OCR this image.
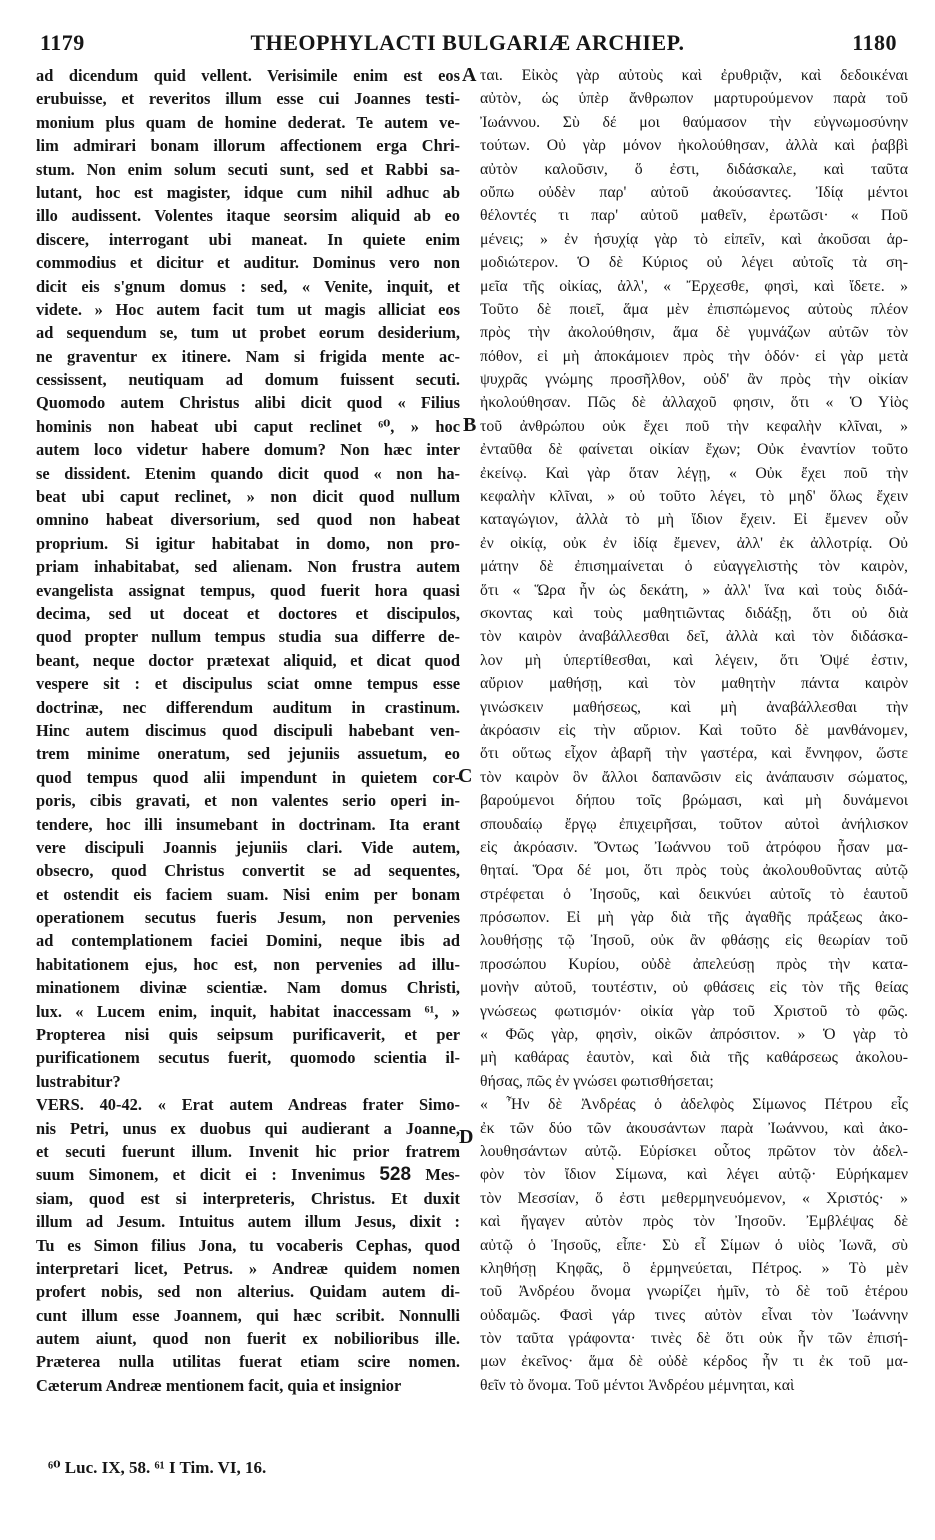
1179	THEOPHYLACTI BULGARIÆ ARCHIEP.	1180
ad dicendum quid vellent. Verisimile enim est eos
erubuisse, et reveritos illum esse cui Joannes testi-
monium plus quam de homine dederat. Te autem ve-
lim admirari bonam illorum affectionem erga Chri-
stum. Non enim solum secuti sunt, sed et Rabbi sa-
lutant, hoc est magister, idque cum nihil adhuc ab
illo audissent. Volentes itaque seorsim aliquid ab eo
discere, interrogant ubi maneat. In quiete enim
commodius et dicitur et auditur. Dominus vero non
dicit eis s'gnum domus : sed, « Venite, inquit, et
videte. » Hoc autem facit tum ut magis alliciat eos
ad sequendum se, tum ut probet eorum desiderium,
ne graventur ex itinere. Nam si frigida mente ac-
cessissent, neutiquam ad domum fuissent secuti.
Quomodo autem Christus alibi dicit quod « Filius
hominis non habeat ubi caput reclinet ⁶⁰, » hoc
autem loco videtur habere domum? Non hæc inter
se dissident. Etenim quando dicit quod « non ha-
beat ubi caput reclinet, » non dicit quod nullum
omnino habeat diversorium, sed quod non habeat
proprium. Si igitur habitabat in domo, non pro-
priam inhabitabat, sed alienam. Non frustra autem
evangelista assignat tempus, quod fuerit hora quasi
decima, sed ut doceat et doctores et discipulos,
quod propter nullum tempus studia sua differre de-
beant, neque doctor prætexat aliquid, et dicat quod
vespere sit : et discipulus sciat omne tempus esse
doctrinæ, nec differendum auditum in crastinum.
Hinc autem discimus quod discipuli habebant ven-
trem minime oneratum, sed jejuniis assuetum, eo
quod tempus quod alii impendunt in quietem cor-
poris, cibis gravati, et non valentes serio operi in-
tendere, hoc illi insumebant in doctrinam. Ita erant
vere discipuli Joannis jejuniis clari. Vide autem,
obsecro, quod Christus convertit se ad sequentes,
et ostendit eis faciem suam. Nisi enim per bonam
operationem secutus fueris Jesum, non pervenies
ad contemplationem faciei Domini, neque ibis ad
habitationem ejus, hoc est, non pervenies ad illu-
minationem divinæ scientiæ. Nam domus Christi,
lux. « Lucem enim, inquit, habitat inaccessam ⁶¹, »
Propterea nisi quis seipsum purificaverit, et per
purificationem secutus fuerit, quomodo scientia il-
lustrabitur?
VERS. 40-42. « Erat autem Andreas frater Simo-
nis Petri, unus ex duobus qui audierant a Joanne,
et secuti fuerunt illum. Invenit hic prior fratrem
suum Simonem, et dicit ei : Invenimus 528 Mes-
siam, quod est si interpreteris, Christus. Et duxit
illum ad Jesum. Intuitus autem illum Jesus, dixit :
Tu es Simon filius Jona, tu vocaberis Cephas, quod
interpretari licet, Petrus. » Andreæ quidem nomen
profert nobis, sed non alterius. Quidam autem di-
cunt illum esse Joannem, qui hæc scribit. Nonnulli
autem aiunt, quod non fuerit ex nobilioribus ille.
Præterea nulla utilitas fuerat etiam scire nomen.
Cæterum Andreæ mentionem facit, quia et insignior
A
B
C
D
ται. Εἰκὸς γὰρ αὐτοὺς καὶ ἐρυθριᾷν, καὶ δεδοικέναι
αὐτὸν, ὡς ὑπὲρ ἄνθρωπον μαρτυρούμενον παρὰ τοῦ
Ἰωάννου. Σὺ δέ μοι θαύμασον τὴν εὐγνωμοσύνην
τούτων. Οὐ γὰρ μόνον ἠκολούθησαν, ἀλλὰ καὶ ῥαββὶ
αὐτὸν καλοῦσιν, ὅ ἐστι, διδάσκαλε, καὶ ταῦτα
οὔπω οὐδὲν παρ' αὐτοῦ ἀκούσαντες. Ἰδίᾳ μέντοι
θέλοντές τι παρ' αὐτοῦ μαθεῖν, ἐρωτῶσι· « Ποῦ
μένεις; » ἐν ἡσυχίᾳ γὰρ τὸ εἰπεῖν, καὶ ἀκοῦσαι ἁρ-
μοδιώτερον. Ὁ δὲ Κύριος οὐ λέγει αὐτοῖς τὰ ση-
μεῖα τῆς οἰκίας, ἀλλ', « Ἔρχεσθε, φησὶ, καὶ ἴδετε. »
Τοῦτο δὲ ποιεῖ, ἅμα μὲν ἐπισπώμενος αὐτοὺς πλέον
πρὸς τὴν ἀκολούθησιν, ἅμα δὲ γυμνάζων αὐτῶν τὸν
πόθον, εἰ μὴ ἀποκάμοιεν πρὸς τὴν ὁδόν· εἰ γὰρ μετὰ
ψυχρᾶς γνώμης προσῆλθον, οὐδ' ἂν πρὸς τὴν οἰκίαν
ἠκολούθησαν. Πῶς δὲ ἀλλαχοῦ φησιν, ὅτι « Ὁ Υἱὸς
τοῦ ἀνθρώπου οὐκ ἔχει ποῦ τὴν κεφαλὴν κλῖναι, »
ἐνταῦθα δὲ φαίνεται οἰκίαν ἔχων; Οὐκ ἐναντίον τοῦτο
ἐκείνῳ. Καὶ γὰρ ὅταν λέγῃ, « Οὐκ ἔχει ποῦ τὴν
κεφαλὴν κλῖναι, » οὐ τοῦτο λέγει, τὸ μηδ' ὅλως ἔχειν
καταγώγιον, ἀλλὰ τὸ μὴ ἴδιον ἔχειν. Εἰ ἔμενεν οὖν
ἐν οἰκίᾳ, οὐκ ἐν ἰδίᾳ ἔμενεν, ἀλλ' ἐκ ἀλλοτρίᾳ. Οὐ
μάτην δὲ ἐπισημαίνεται ὁ εὐαγγελιστὴς τὸν καιρὸν,
ὅτι « Ὥρα ἦν ὡς δεκάτη, » ἀλλ' ἵνα καὶ τοὺς διδά-
σκοντας καὶ τοὺς μαθητιῶντας διδάξῃ, ὅτι οὐ διὰ
τὸν καιρὸν ἀναβάλλεσθαι δεῖ, ἀλλὰ καὶ τὸν διδάσκα-
λον μὴ ὑπερτίθεσθαι, καὶ λέγειν, ὅτι Ὀψέ ἐστιν,
αὔριον μαθήσῃ, καὶ τὸν μαθητὴν πάντα καιρὸν
γινώσκειν μαθήσεως, καὶ μὴ ἀναβάλλεσθαι τὴν
ἀκρόασιν εἰς τὴν αὔριον. Καὶ τοῦτο δὲ μανθάνομεν,
ὅτι οὕτως εἶχον ἀβαρῆ τὴν γαστέρα, καὶ ἔννηφον, ὥστε
τὸν καιρὸν ὃν ἄλλοι δαπανῶσιν εἰς ἀνάπαυσιν σώματος,
βαρούμενοι δήπου τοῖς βρώμασι, καὶ μὴ δυνάμενοι
σπουδαίῳ ἔργῳ ἐπιχειρῆσαι, τοῦτον αὐτοὶ ἀνήλισκον
εἰς ἀκρόασιν. Ὄντως Ἰωάννου τοῦ ἀτρόφου ἦσαν μα-
θηταί. Ὅρα δέ μοι, ὅτι πρὸς τοὺς ἀκολουθοῦντας αὐτῷ
στρέφεται ὁ Ἰησοῦς, καὶ δεικνύει αὐτοῖς τὸ ἑαυτοῦ
πρόσωπον. Εἰ μὴ γὰρ διὰ τῆς ἀγαθῆς πράξεως ἀκο-
λουθήσῃς τῷ Ἰησοῦ, οὐκ ἂν φθάσῃς εἰς θεωρίαν τοῦ
προσώπου Κυρίου, οὐδὲ ἀπελεύσῃ πρὸς τὴν κατα-
μονὴν αὐτοῦ, τουτέστιν, οὐ φθάσεις εἰς τὸν τῆς θείας
γνώσεως φωτισμόν· οἰκία γὰρ τοῦ Χριστοῦ τὸ φῶς.
« Φῶς γὰρ, φησὶν, οἰκῶν ἀπρόσιτον. » Ὁ γὰρ τὸ
μὴ καθάρας ἑαυτὸν, καὶ διὰ τῆς καθάρσεως ἀκολου-
θήσας, πῶς ἐν γνώσει φωτισθήσεται;
« Ἦν δὲ Ἀνδρέας ὁ ἀδελφὸς Σίμωνος Πέτρου εἷς
ἐκ τῶν δύο τῶν ἀκουσάντων παρὰ Ἰωάννου, καὶ ἀκο-
λουθησάντων αὐτῷ. Εὑρίσκει οὗτος πρῶτον τὸν ἀδελ-
φὸν τὸν ἴδιον Σίμωνα, καὶ λέγει αὐτῷ· Εὑρήκαμεν
τὸν Μεσσίαν, ὅ ἐστι μεθερμηνευόμενον, « Χριστός· »
καὶ ἤγαγεν αὐτὸν πρὸς τὸν Ἰησοῦν. Ἐμβλέψας δὲ
αὐτῷ ὁ Ἰησοῦς, εἶπε· Σὺ εἶ Σίμων ὁ υἱὸς Ἰωνᾶ, σὺ
κληθήσῃ Κηφᾶς, ὃ ἑρμηνεύεται, Πέτρος. » Τὸ μὲν
τοῦ Ἀνδρέου ὄνομα γνωρίζει ἡμῖν, τὸ δὲ τοῦ ἑτέρου
οὐδαμῶς. Φασὶ γάρ τινες αὐτὸν εἶναι τὸν Ἰωάννην
τὸν ταῦτα γράφοντα· τινὲς δὲ ὅτι οὐκ ἦν τῶν ἐπισή-
μων ἐκεῖνος· ἅμα δὲ οὐδὲ κέρδος ἦν τι ἐκ τοῦ μα-
θεῖν τὸ ὄνομα. Τοῦ μέντοι Ἀνδρέου μέμνηται, καὶ
⁶⁰ Luc. IX, 58. ⁶¹ I Tim. VI, 16.
